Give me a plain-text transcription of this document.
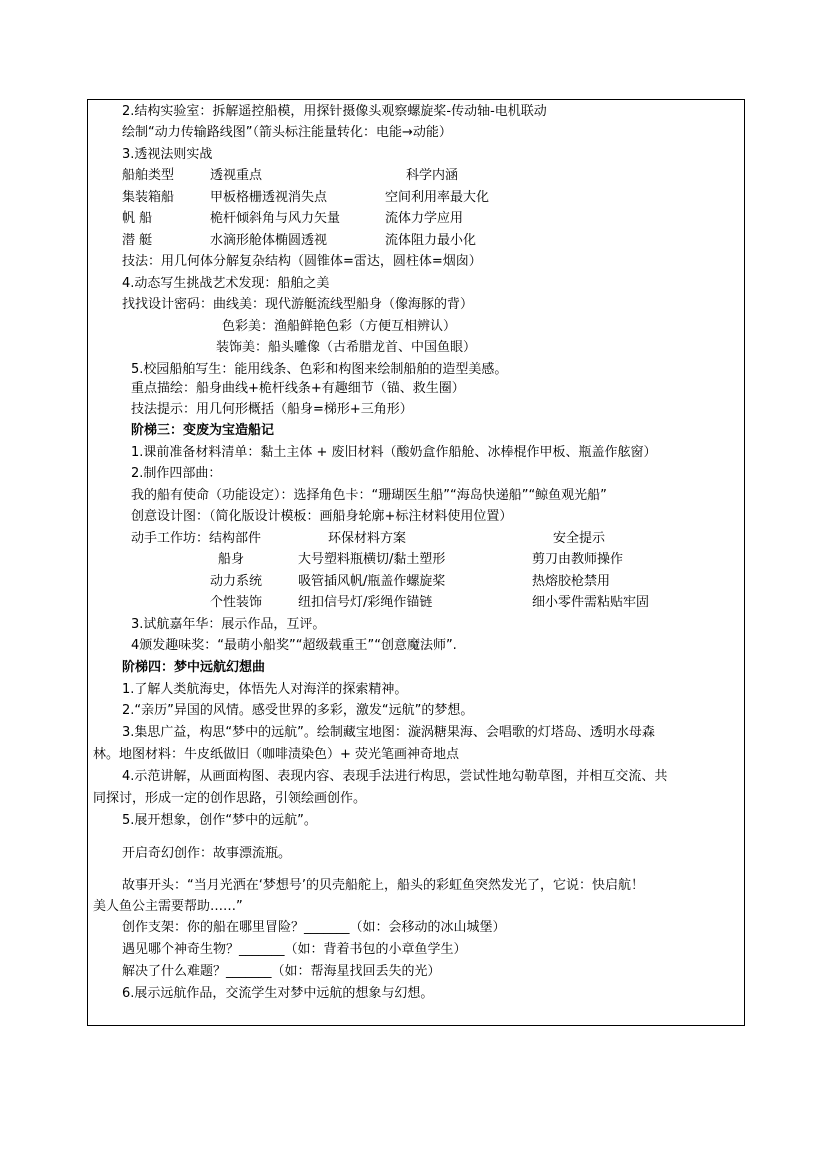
2.结构实验室：拆解遥控船模，用探针摄像头观察螺旋桨-传动轴-电机联动
绘制“动力传输路线图”（箭头标注能量转化：电能→动能）
3.透视法则实战
船舶类型	透视重点	科学内涵
集装箱船	甲板格栅透视消失点	空间利用率最大化
帆 船	桅杆倾斜角与风力矢量	流体力学应用
潜 艇	水滴形舱体椭圆透视	流体阻力最小化
技法：用几何体分解复杂结构（圆锥体=雷达，圆柱体=烟囱）
4.动态写生挑战艺术发现：船舶之美
找找设计密码：曲线美：现代游艇流线型船身（像海豚的背）
色彩美：渔船鲜艳色彩（方便互相辨认）
装饰美：船头雕像（古希腊龙首、中国鱼眼）
5.校园船舶写生：能用线条、色彩和构图来绘制船舶的造型美感。
重点描绘：船身曲线+桅杆线条+有趣细节（锚、救生圈）
技法提示：用几何形概括（船身=梯形+三角形）
阶梯三：变废为宝造船记
1.课前准备材料清单：黏土主体 + 废旧材料（酸奶盒作船舱、冰棒棍作甲板、瓶盖作舷窗）
2.制作四部曲：
我的船有使命（功能设定）：选择角色卡：“珊瑚医生船”“海岛快递船”“鲸鱼观光船”
创意设计图：（简化版设计模板：画船身轮廓+标注材料使用位置）
动手工作坊：结构部件	环保材料方案	安全提示
船身	大号塑料瓶横切/黏土塑形	剪刀由教师操作
动力系统	吸管插风帆/瓶盖作螺旋桨	热熔胶枪禁用
个性装饰	纽扣信号灯/彩绳作锚链	细小零件需粘贴牢固
3.试航嘉年华：展示作品，互评。
4颁发趣味奖：“最萌小船奖”“超级载重王”“创意魔法师”.
阶梯四：梦中远航幻想曲
1.了解人类航海史，体悟先人对海洋的探索精神。
2.“亲历”异国的风情。感受世界的多彩，激发“远航”的梦想。
3.集思广益，构思“梦中的远航”。绘制藏宝地图：漩涡糖果海、会唱歌的灯塔岛、透明水母森
林。地图材料：牛皮纸做旧（咖啡渍染色）+ 荧光笔画神奇地点
4.示范讲解，从画面构图、表现内容、表现手法进行构思，尝试性地勾勒草图，并相互交流、共
同探讨，形成一定的创作思路，引领绘画创作。
5.展开想象，创作“梦中的远航”。
开启奇幻创作：故事漂流瓶。
故事开头：“当月光洒在‘梦想号’的贝壳船舵上，船头的彩虹鱼突然发光了，它说：快启航！
美人鱼公主需要帮助……”
创作支架：你的船在哪里冒险？_______（如：会移动的冰山城堡）
遇见哪个神奇生物？_______（如：背着书包的小章鱼学生）
解决了什么难题？_______（如：帮海星找回丢失的光）
6.展示远航作品，交流学生对梦中远航的想象与幻想。
